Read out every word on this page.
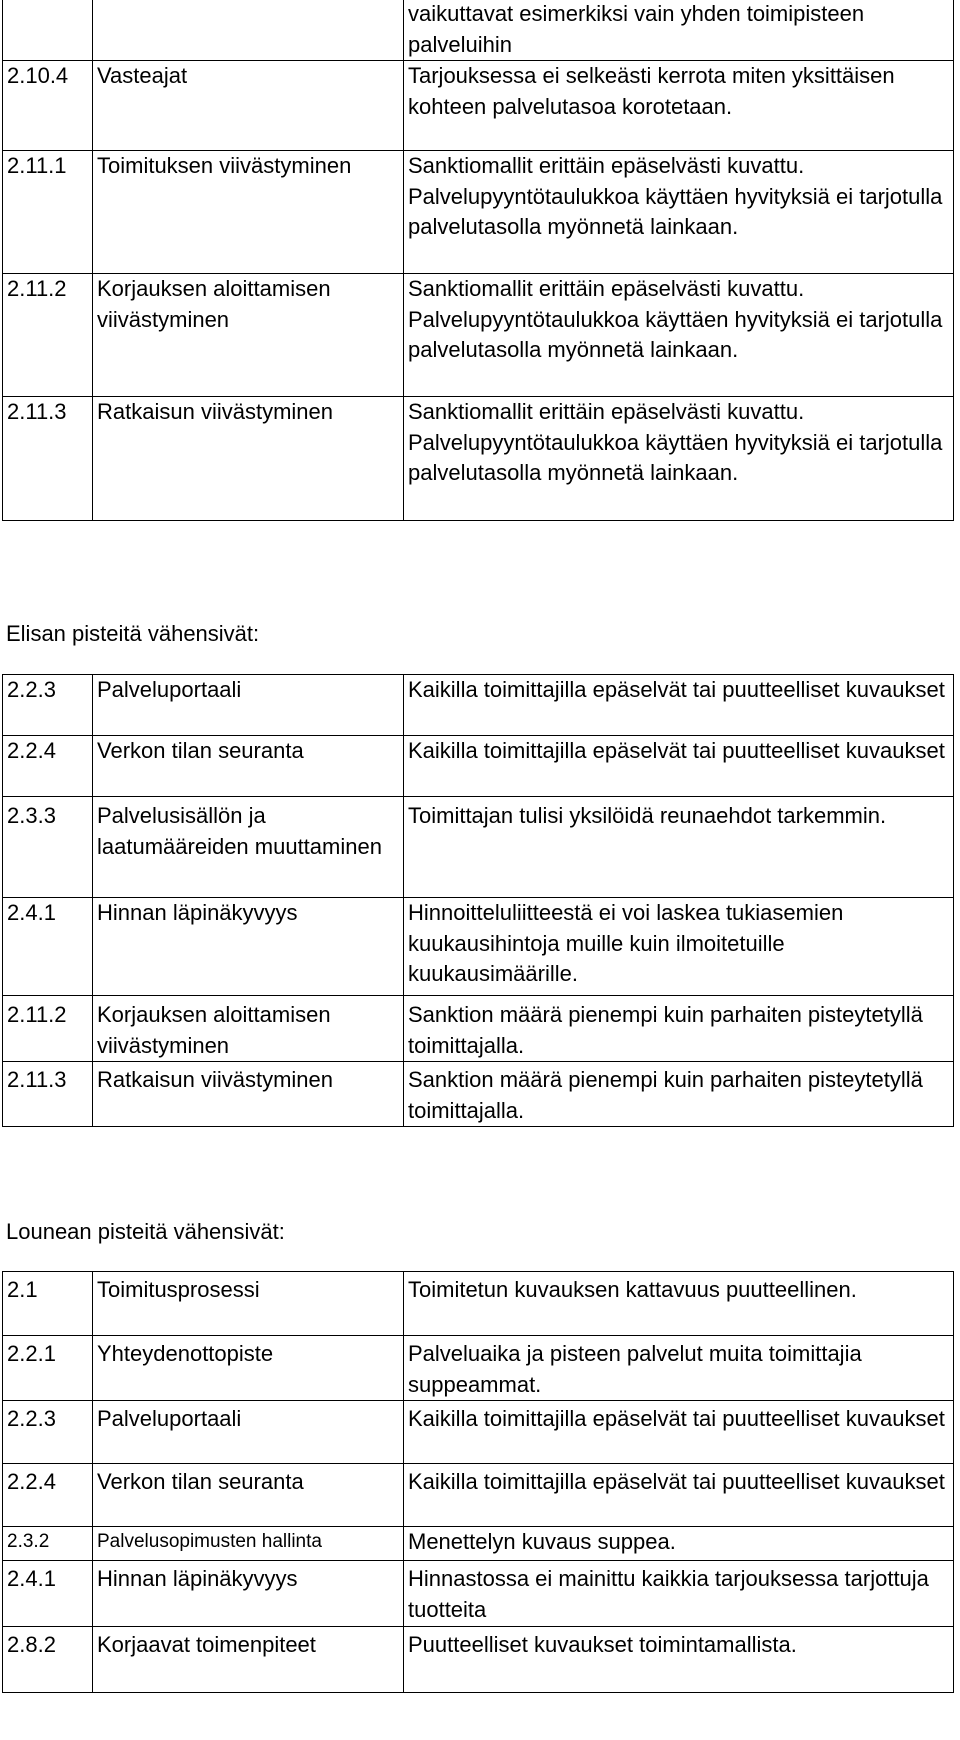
		vaikuttavat esimerkiksi vain yhden toimipisteen palveluihin
2.10.4	Vasteajat	Tarjouksessa ei selkeästi kerrota miten yksittäisen kohteen palvelutasoa korotetaan.
2.11.1	Toimituksen viivästyminen	Sanktiomallit erittäin epäselvästi kuvattu. Palvelupyyntötaulukkoa käyttäen hyvityksiä ei tarjotulla palvelutasolla myönnetä lainkaan.
2.11.2	Korjauksen aloittamisen viivästyminen	Sanktiomallit erittäin epäselvästi kuvattu. Palvelupyyntötaulukkoa käyttäen hyvityksiä ei tarjotulla palvelutasolla myönnetä lainkaan.
2.11.3	Ratkaisun viivästyminen	Sanktiomallit erittäin epäselvästi kuvattu. Palvelupyyntötaulukkoa käyttäen hyvityksiä ei tarjotulla palvelutasolla myönnetä lainkaan.
Elisan pisteitä vähensivät:
2.2.3	Palveluportaali	Kaikilla toimittajilla epäselvät tai puutteelliset kuvaukset
2.2.4	Verkon tilan seuranta	Kaikilla toimittajilla epäselvät tai puutteelliset kuvaukset
2.3.3	Palvelusisällön ja laatumääreiden muuttaminen	Toimittajan tulisi yksilöidä reunaehdot tarkemmin.
2.4.1	Hinnan läpinäkyvyys	Hinnoitteluliitteestä ei voi laskea tukiasemien kuukausihintoja muille kuin ilmoitetuille kuukausimäärille.
2.11.2	Korjauksen aloittamisen viivästyminen	Sanktion määrä pienempi kuin parhaiten pisteytetyllä toimittajalla.
2.11.3	Ratkaisun viivästyminen	Sanktion määrä pienempi kuin parhaiten pisteytetyllä toimittajalla.
Lounean pisteitä vähensivät:
2.1	Toimitusprosessi	Toimitetun kuvauksen kattavuus puutteellinen.
2.2.1	Yhteydenottopiste	Palveluaika ja pisteen palvelut muita toimittajia suppeammat.
2.2.3	Palveluportaali	Kaikilla toimittajilla epäselvät tai puutteelliset kuvaukset
2.2.4	Verkon tilan seuranta	Kaikilla toimittajilla epäselvät tai puutteelliset kuvaukset
2.3.2	Palvelusopimusten hallinta	Menettelyn kuvaus suppea.
2.4.1	Hinnan läpinäkyvyys	Hinnastossa ei mainittu kaikkia tarjouksessa tarjottuja tuotteita
2.8.2	Korjaavat toimenpiteet	Puutteelliset kuvaukset toimintamallista.
